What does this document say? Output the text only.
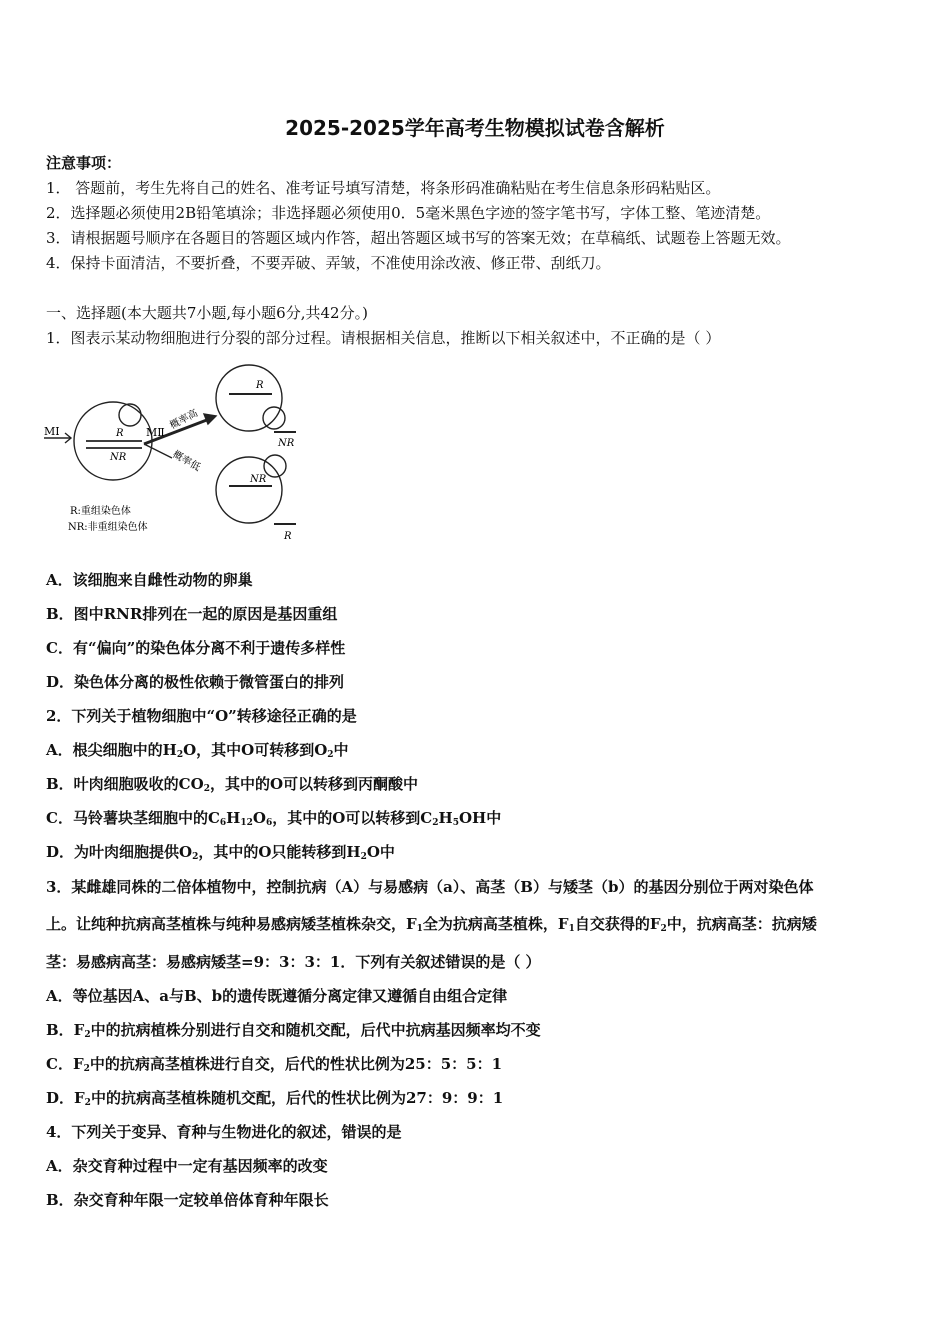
2025-2025学年高考生物模拟试卷含解析
注意事项：
1． 答题前，考生先将自己的姓名、准考证号填写清楚，将条形码准确粘贴在考生信息条形码粘贴区。
2．选择题必须使用2B铅笔填涂；非选择题必须使用0．5毫米黑色字迹的签字笔书写，字体工整、笔迹清楚。
3．请根据题号顺序在各题目的答题区域内作答，超出答题区域书写的答案无效；在草稿纸、试题卷上答题无效。
4．保持卡面清洁，不要折叠，不要弄破、弄皱，不准使用涂改液、修正带、刮纸刀。
一、选择题(本大题共7小题,每小题6分,共42分。)
1．图表示某动物细胞进行分裂的部分过程。请根据相关信息，推断以下相关叙述中，不正确的是（ ）
MⅠ	MⅡ
概率高
概率低
R
NR
R
NR
NR
R
R:重组染色体
NR:非重组染色体
A．该细胞来自雌性动物的卵巢
B．图中RNR排列在一起的原因是基因重组
C．有“偏向”的染色体分离不利于遗传多样性
D．染色体分离的极性依赖于微管蛋白的排列
2．下列关于植物细胞中“O”转移途径正确的是
A．根尖细胞中的$H_2O$，其中O可转移到$O_2$中
B．叶肉细胞吸收的$CO_2$，其中的O可以转移到丙酮酸中
C．马铃薯块茎细胞中的$C_6H_{12}O_6$，其中的O可以转移到$C_2H_5OH$中
D．为叶肉细胞提供$O_2$，其中的O只能转移到$H_2O$中
3．某雌雄同株的二倍体植物中，控制抗病（A）与易感病（a）、高茎（B）与矮茎（b）的基因分别位于两对染色体
上。让纯种抗病高茎植株与纯种易感病矮茎植株杂交，$F_1$全为抗病高茎植株，$F_1$自交获得的$F_2$中，抗病高茎：抗病矮
茎：易感病高茎：易感病矮茎=9：3：3：1．下列有关叙述错误的是（ ）
A．等位基因A、a与B、b的遗传既遵循分离定律又遵循自由组合定律
B．$F_2$中的抗病植株分别进行自交和随机交配，后代中抗病基因频率均不变
C．$F_2$中的抗病高茎植株进行自交，后代的性状比例为25：5：5：1
D．$F_2$中的抗病高茎植株随机交配，后代的性状比例为27：9：9：1
4．下列关于变异、育种与生物进化的叙述，错误的是
A．杂交育种过程中一定有基因频率的改变
B．杂交育种年限一定较单倍体育种年限长
